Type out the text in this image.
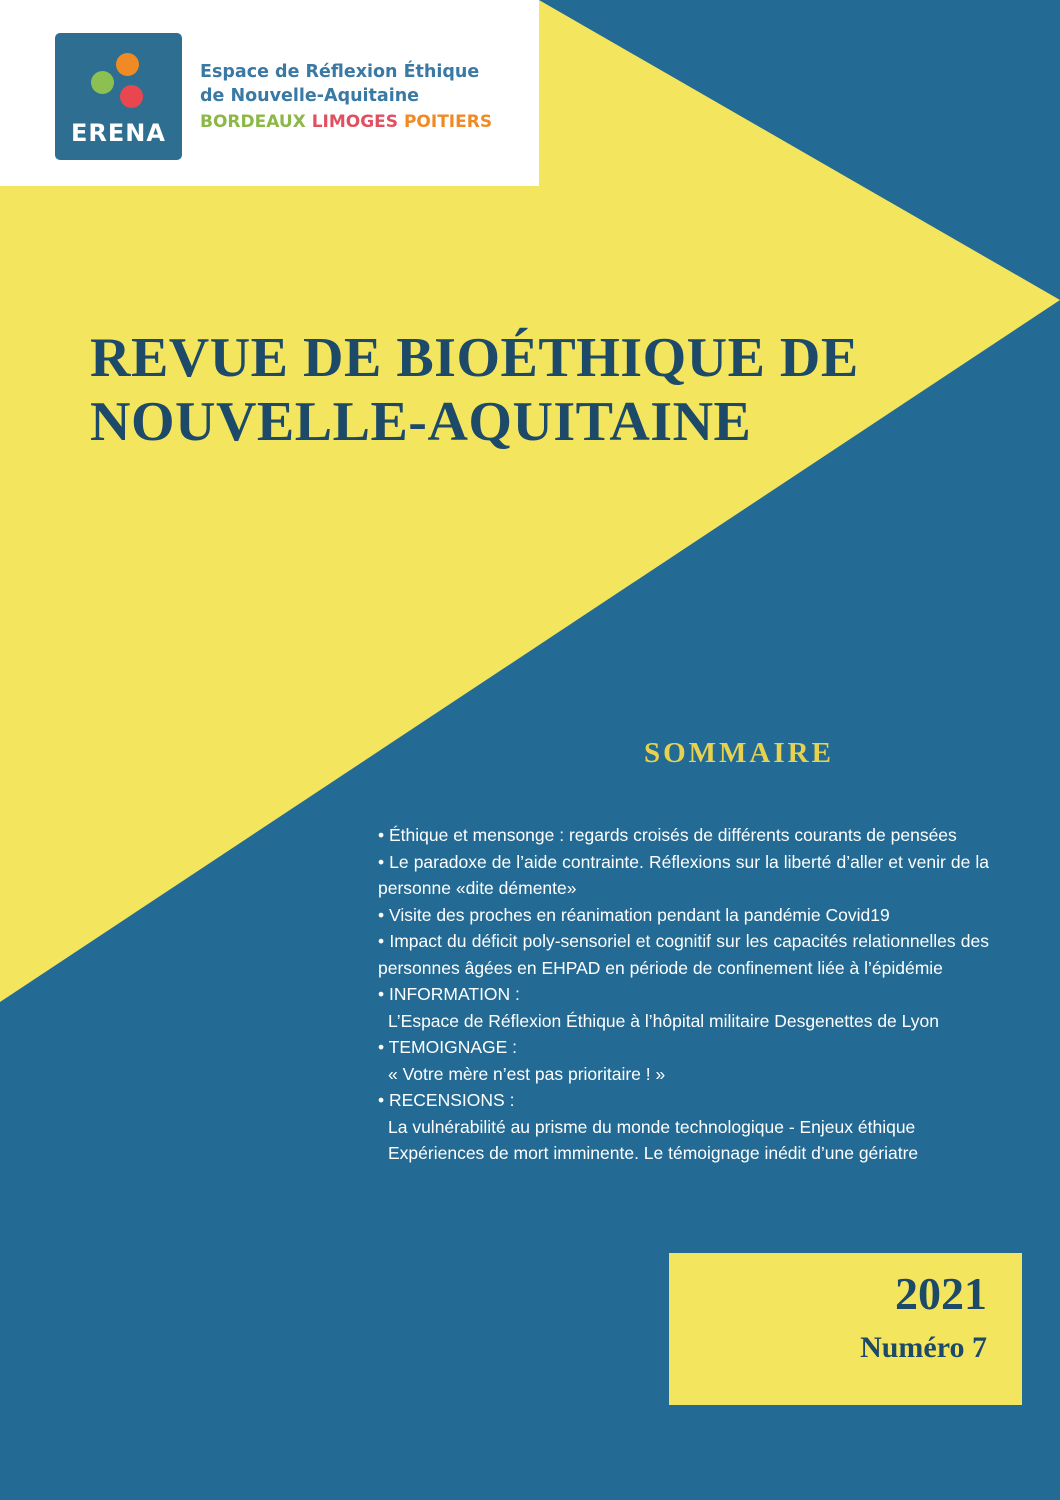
ERENA
Espace de Réflexion Éthique
de Nouvelle-Aquitaine
BORDEAUX LIMOGES POITIERS
REVUE DE BIOÉTHIQUE DE
NOUVELLE-AQUITAINE
SOMMAIRE
• Éthique et mensonge : regards croisés de différents courants de pensées
• Le paradoxe de l’aide contrainte. Réflexions sur la liberté d’aller et venir de la personne «dite démente»
• Visite des proches en réanimation pendant la pandémie Covid19
• Impact du déficit poly-sensoriel et cognitif sur les capacités relationnelles des personnes âgées en EHPAD en période de confinement liée à l’épidémie
• INFORMATION :
L’Espace de Réflexion Éthique à l’hôpital militaire Desgenettes de Lyon
• TEMOIGNAGE :
« Votre mère n’est pas prioritaire ! »
• RECENSIONS :
La vulnérabilité au prisme du monde technologique - Enjeux éthique
Expériences de mort imminente. Le témoignage inédit d’une gériatre
2021
Numéro 7
